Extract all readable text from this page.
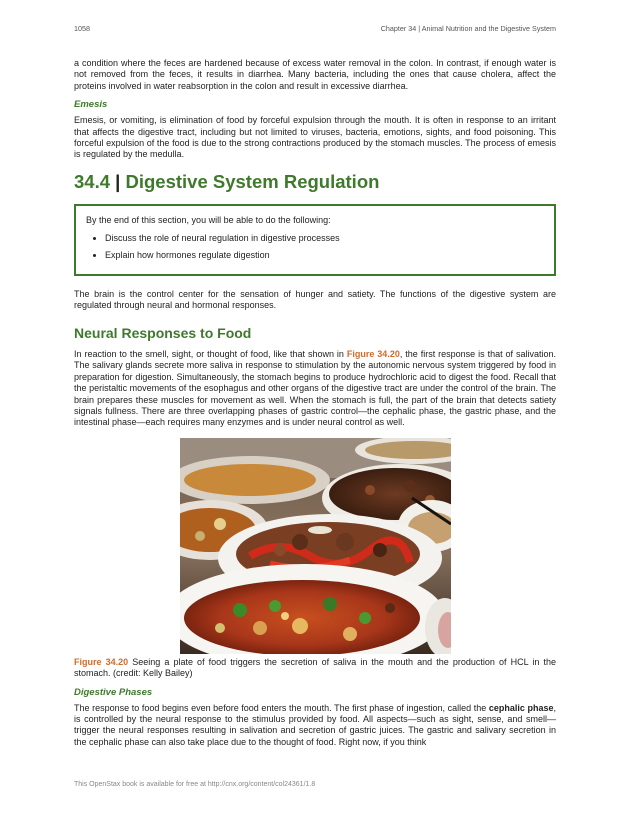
1058	Chapter 34 | Animal Nutrition and the Digestive System

a condition where the feces are hardened because of excess water removal in the colon. In contrast, if enough water is not removed from the feces, it results in diarrhea. Many bacteria, including the ones that cause cholera, affect the proteins involved in water reabsorption in the colon and result in excessive diarrhea.

Emesis

Emesis, or vomiting, is elimination of food by forceful expulsion through the mouth. It is often in response to an irritant that affects the digestive tract, including but not limited to viruses, bacteria, emotions, sights, and food poisoning. This forceful expulsion of the food is due to the strong contractions produced by the stomach muscles. The process of emesis is regulated by the medulla.

34.4 | Digestive System Regulation
By the end of this section, you will be able to do the following:
• Discuss the role of neural regulation in digestive processes
• Explain how hormones regulate digestion

The brain is the control center for the sensation of hunger and satiety. The functions of the digestive system are regulated through neural and hormonal responses.

Neural Responses to Food

In reaction to the smell, sight, or thought of food, like that shown in Figure 34.20, the first response is that of salivation. The salivary glands secrete more saliva in response to stimulation by the autonomic nervous system triggered by food in preparation for digestion. Simultaneously, the stomach begins to produce hydrochloric acid to digest the food. Recall that the peristaltic movements of the esophagus and other organs of the digestive tract are under the control of the brain. The brain prepares these muscles for movement as well. When the stomach is full, the part of the brain that detects satiety signals fullness. There are three overlapping phases of gastric control—the cephalic phase, the gastric phase, and the intestinal phase—each requires many enzymes and is under neural control as well.

Figure 34.20 Seeing a plate of food triggers the secretion of saliva in the mouth and the production of HCL in the stomach. (credit: Kelly Bailey)
Digestive Phases

The response to food begins even before food enters the mouth. The first phase of ingestion, called the cephalic phase, is controlled by the neural response to the stimulus provided by food. All aspects—such as sight, sense, and smell—trigger the neural responses resulting in salivation and secretion of gastric juices. The gastric and salivary secretion in the cephalic phase can also take place due to the thought of food. Right now, if you think

This OpenStax book is available for free at http://cnx.org/content/col24361/1.8
